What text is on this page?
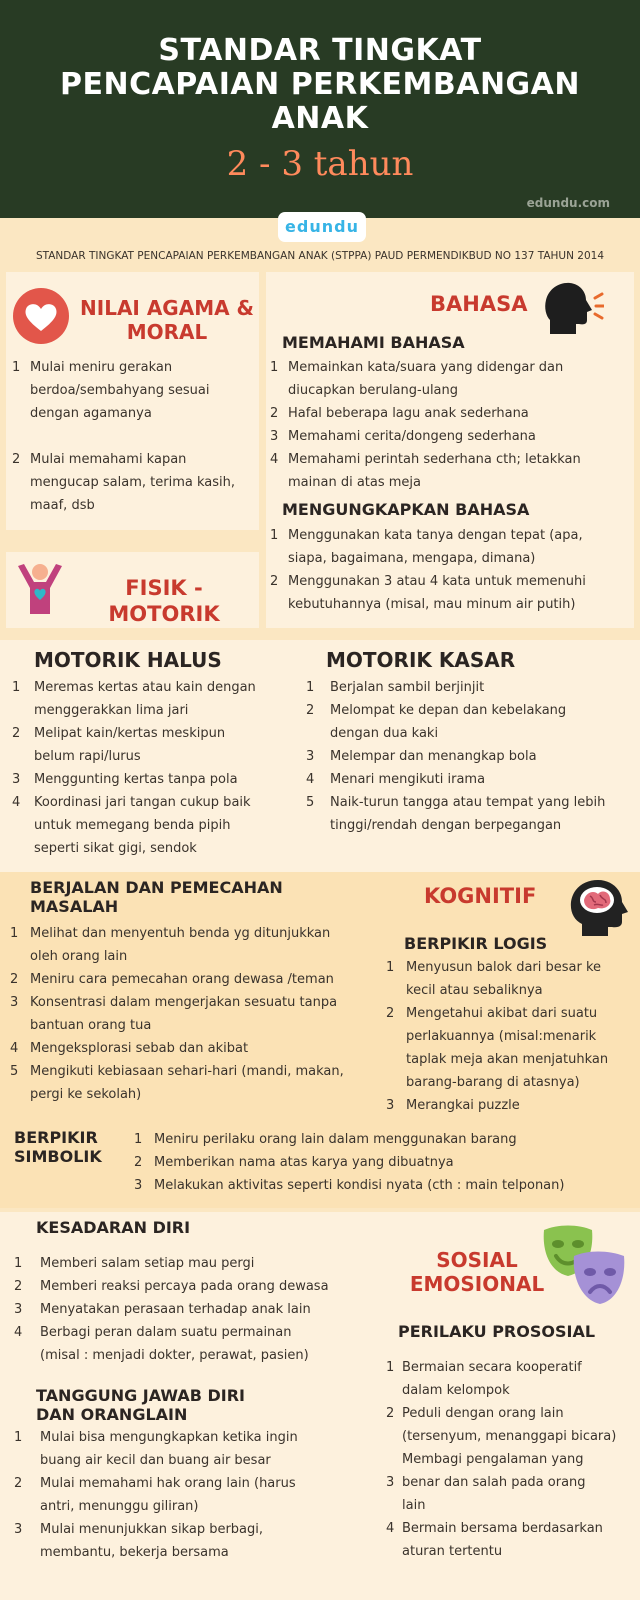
STANDAR TINGKAT
PENCAPAIAN PERKEMBANGAN
ANAK
2 - 3 tahun
edundu.com
edundu
STANDAR TINGKAT PENCAPAIAN PERKEMBANGAN ANAK (STPPA) PAUD PERMENDIKBUD NO 137 TAHUN 2014
NILAI AGAMA &
MORAL
1 Mulai meniru gerakan
berdoa/sembahyang sesuai
dengan agamanya
2 Mulai memahami kapan
mengucap salam, terima kasih,
maaf, dsb
BAHASA
MEMAHAMI BAHASA
1 Memainkan kata/suara yang didengar dan
diucapkan berulang-ulang
2 Hafal beberapa lagu anak sederhana
3 Memahami cerita/dongeng sederhana
4 Memahami perintah sederhana cth; letakkan
mainan di atas meja
MENGUNGKAPKAN BAHASA
1 Menggunakan kata tanya dengan tepat (apa,
siapa, bagaimana, mengapa, dimana)
2 Menggunakan 3 atau 4 kata untuk memenuhi
kebutuhannya (misal, mau minum air putih)
FISIK -
MOTORIK
MOTORIK HALUS
1 Meremas kertas atau kain dengan
menggerakkan lima jari
2 Melipat kain/kertas meskipun
belum rapi/lurus
3 Menggunting kertas tanpa pola
4 Koordinasi jari tangan cukup baik
untuk memegang benda pipih
seperti sikat gigi, sendok
MOTORIK KASAR
1 Berjalan sambil berjinjit
2 Melompat ke depan dan kebelakang
dengan dua kaki
3 Melempar dan menangkap bola
4 Menari mengikuti irama
5 Naik-turun tangga atau tempat yang lebih
tinggi/rendah dengan berpegangan
BERJALAN DAN PEMECAHAN
MASALAH
1 Melihat dan menyentuh benda yg ditunjukkan
oleh orang lain
2 Meniru cara pemecahan orang dewasa /teman
3 Konsentrasi dalam mengerjakan sesuatu tanpa
bantuan orang tua
4 Mengeksplorasi sebab dan akibat
5 Mengikuti kebiasaan sehari-hari (mandi, makan,
pergi ke sekolah)
KOGNITIF
BERPIKIR LOGIS
1 Menyusun balok dari besar ke
kecil atau sebaliknya
2 Mengetahui akibat dari suatu
perlakuannya (misal:menarik
taplak meja akan menjatuhkan
barang-barang di atasnya)
3 Merangkai puzzle
BERPIKIR
SIMBOLIK
1 Meniru perilaku orang lain dalam menggunakan barang
2 Memberikan nama atas karya yang dibuatnya
3 Melakukan aktivitas seperti kondisi nyata (cth : main telponan)
KESADARAN DIRI
1 Memberi salam setiap mau pergi
2 Memberi reaksi percaya pada orang dewasa
3 Menyatakan perasaan terhadap anak lain
4 Berbagi peran dalam suatu permainan
(misal : menjadi dokter, perawat, pasien)
TANGGUNG JAWAB DIRI
DAN ORANGLAIN
1 Mulai bisa mengungkapkan ketika ingin
buang air kecil dan buang air besar
2 Mulai memahami hak orang lain (harus
antri, menunggu giliran)
3 Mulai menunjukkan sikap berbagi,
membantu, bekerja bersama
SOSIAL
EMOSIONAL
PERILAKU PROSOSIAL
1 Bermaian secara kooperatif
dalam kelompok
2 Peduli dengan orang lain
(tersenyum, menanggapi bicara)
Membagi pengalaman yang
3 benar dan salah pada orang
lain
4 Bermain bersama berdasarkan
aturan tertentu
